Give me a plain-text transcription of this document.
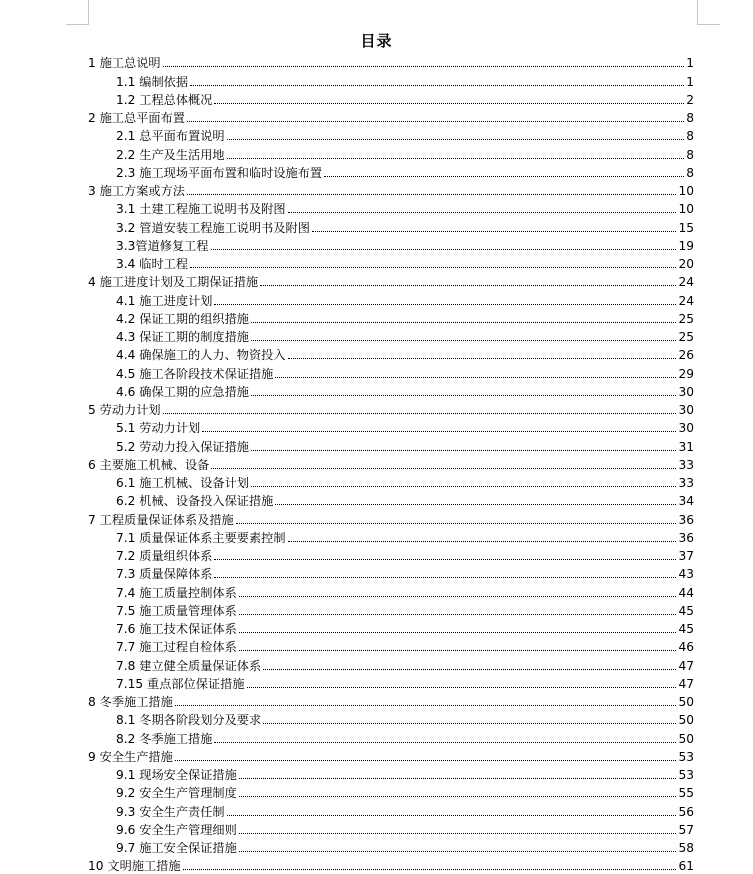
目录
1 施工总说明	1
1.1 编制依据	1
1.2 工程总体概况	2
2 施工总平面布置	8
2.1 总平面布置说明	8
2.2 生产及生活用地	8
2.3 施工现场平面布置和临时设施布置	8
3 施工方案或方法	10
3.1 土建工程施工说明书及附图	10
3.2 管道安装工程施工说明书及附图	15
3.3管道修复工程	19
3.4 临时工程	20
4 施工进度计划及工期保证措施	24
4.1 施工进度计划	24
4.2 保证工期的组织措施	25
4.3 保证工期的制度措施	25
4.4 确保施工的人力、物资投入	26
4.5 施工各阶段技术保证措施	29
4.6 确保工期的应急措施	30
5 劳动力计划	30
5.1 劳动力计划	30
5.2 劳动力投入保证措施	31
6 主要施工机械、设备	33
6.1 施工机械、设备计划	33
6.2 机械、设备投入保证措施	34
7 工程质量保证体系及措施	36
7.1 质量保证体系主要要素控制	36
7.2 质量组织体系	37
7.3 质量保障体系	43
7.4 施工质量控制体系	44
7.5 施工质量管理体系	45
7.6 施工技术保证体系	45
7.7 施工过程自检体系	46
7.8 建立健全质量保证体系	47
7.15 重点部位保证措施	47
8 冬季施工措施	50
8.1 冬期各阶段划分及要求	50
8.2 冬季施工措施	50
9 安全生产措施	53
9.1 现场安全保证措施	53
9.2 安全生产管理制度	55
9.3 安全生产责任制	56
9.6 安全生产管理细则	57
9.7 施工安全保证措施	58
10 文明施工措施	61
